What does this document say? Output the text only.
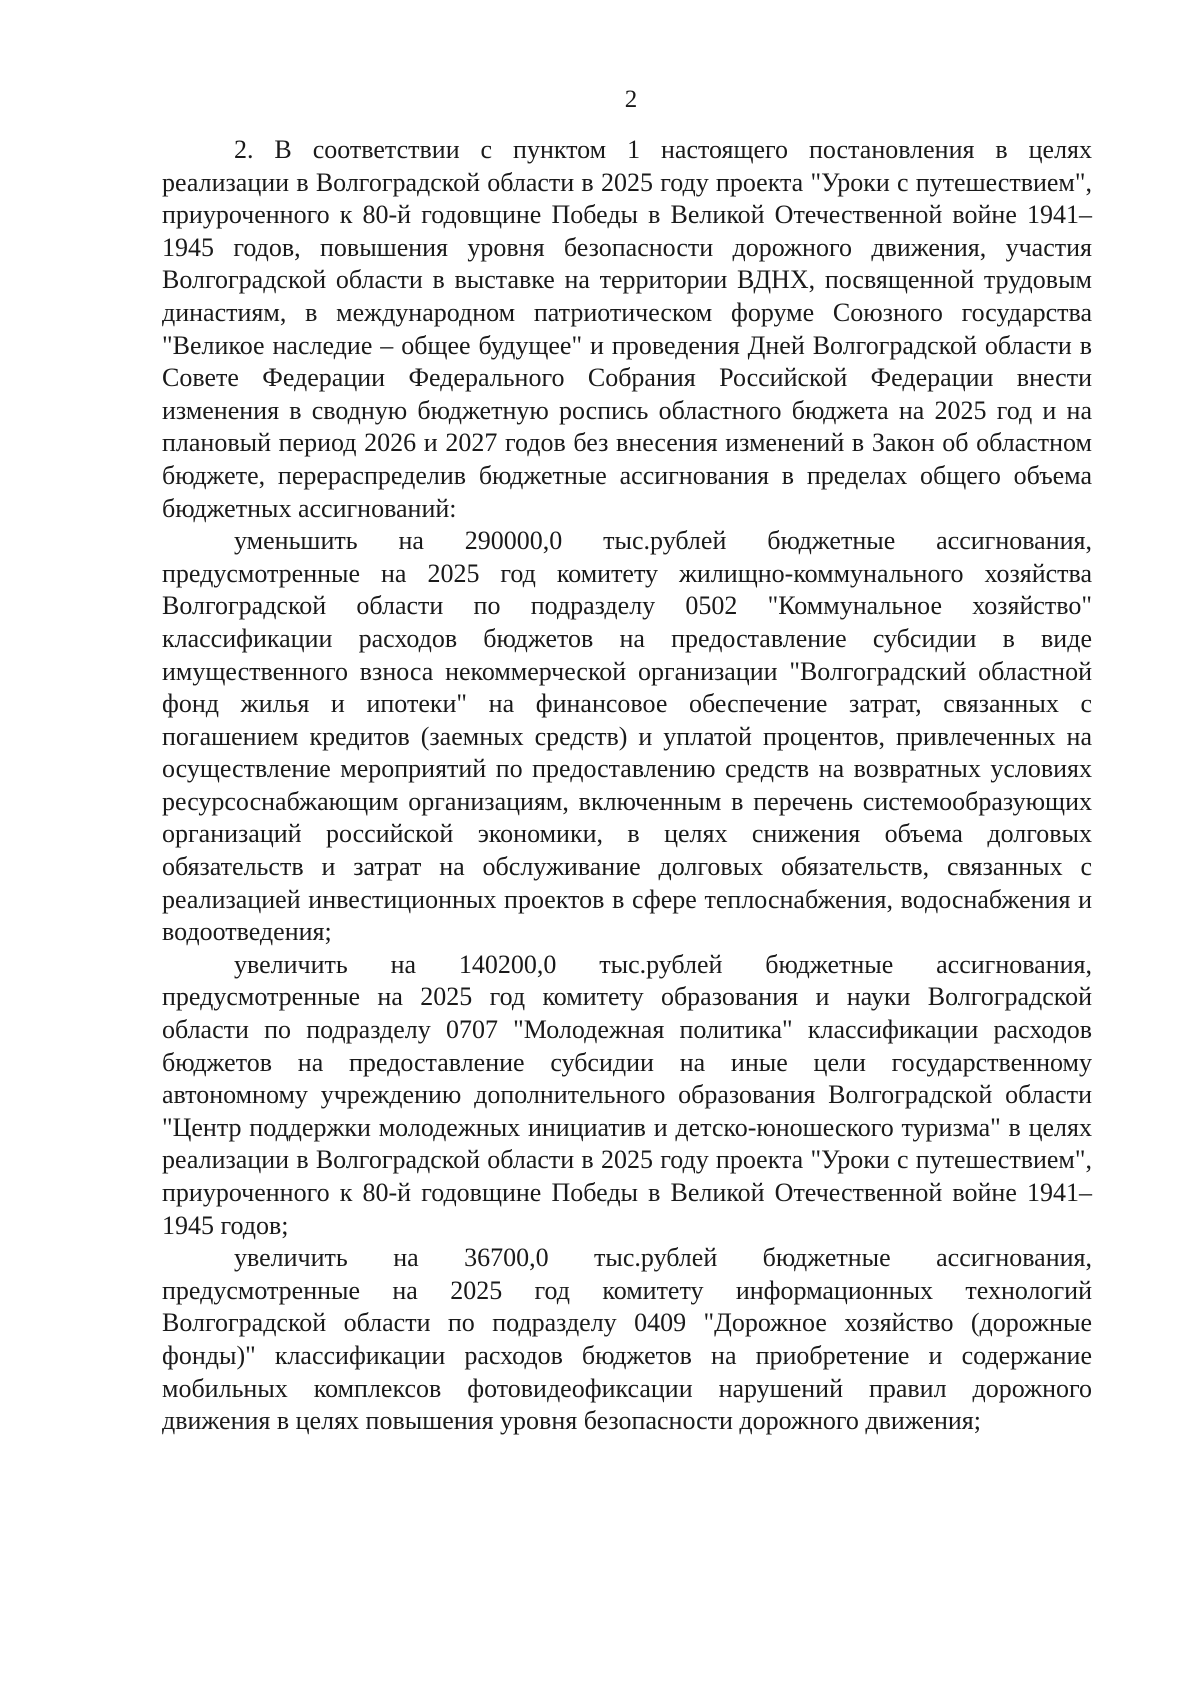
2

2. В соответствии с пунктом 1 настоящего постановления в целях реализации в Волгоградской области в 2025 году проекта "Уроки с путешествием", приуроченного к 80-й годовщине Победы в Великой Отечественной войне 1941–1945 годов, повышения уровня безопасности дорожного движения, участия Волгоградской области в выставке на территории ВДНХ, посвященной трудовым династиям, в международном патриотическом форуме Союзного государства "Великое наследие – общее будущее" и проведения Дней Волгоградской области в Совете Федерации Федерального Собрания Российской Федерации внести изменения в сводную бюджетную роспись областного бюджета на 2025 год и на плановый период 2026 и 2027 годов без внесения изменений в Закон об областном бюджете, перераспределив бюджетные ассигнования в пределах общего объема бюджетных ассигнований:

уменьшить на 290000,0 тыс.рублей бюджетные ассигнования, предусмотренные на 2025 год комитету жилищно-коммунального хозяйства Волгоградской области по подразделу 0502 "Коммунальное хозяйство" классификации расходов бюджетов на предоставление субсидии в виде имущественного взноса некоммерческой организации "Волгоградский областной фонд жилья и ипотеки" на финансовое обеспечение затрат, связанных с погашением кредитов (заемных средств) и уплатой процентов, привлеченных на осуществление мероприятий по предоставлению средств на возвратных условиях ресурсоснабжающим организациям, включенным в перечень системообразующих организаций российской экономики, в целях снижения объема долговых обязательств и затрат на обслуживание долговых обязательств, связанных с реализацией инвестиционных проектов в сфере теплоснабжения, водоснабжения и водоотведения;

увеличить на 140200,0 тыс.рублей бюджетные ассигнования, предусмотренные на 2025 год комитету образования и науки Волгоградской области по подразделу 0707 "Молодежная политика" классификации расходов бюджетов на предоставление субсидии на иные цели государственному автономному учреждению дополнительного образования Волгоградской области "Центр поддержки молодежных инициатив и детско-юношеского туризма" в целях реализации в Волгоградской области в 2025 году проекта "Уроки с путешествием", приуроченного к 80-й годовщине Победы в Великой Отечественной войне 1941–1945 годов;

увеличить на 36700,0 тыс.рублей бюджетные ассигнования, предусмотренные на 2025 год комитету информационных технологий Волгоградской области по подразделу 0409 "Дорожное хозяйство (дорожные фонды)" классификации расходов бюджетов на приобретение и содержание мобильных комплексов фотовидеофиксации нарушений правил дорожного движения в целях повышения уровня безопасности дорожного движения;
